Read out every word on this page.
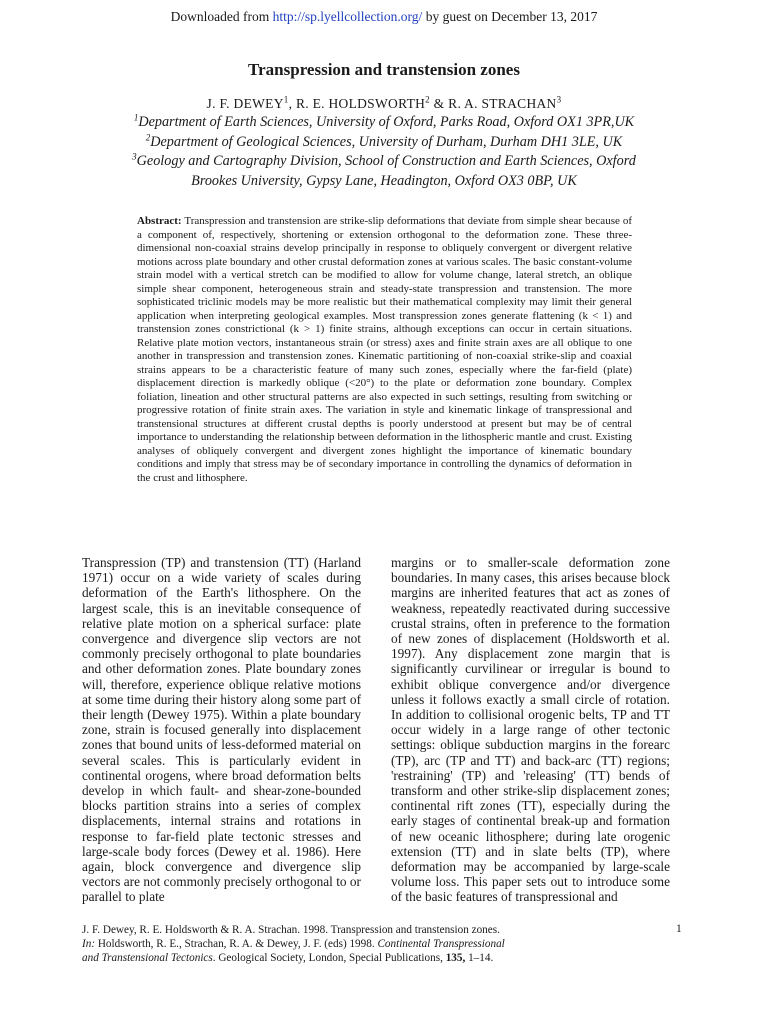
Downloaded from http://sp.lyellcollection.org/ by guest on December 13, 2017
Transpression and transtension zones
J. F. DEWEY$^1$, R. E. HOLDSWORTH$^2$ & R. A. STRACHAN$^3$
$^1$Department of Earth Sciences, University of Oxford, Parks Road, Oxford OX1 3PR,UK
$^2$Department of Geological Sciences, University of Durham, Durham DH1 3LE, UK
$^3$Geology and Cartography Division, School of Construction and Earth Sciences, Oxford
Brookes University, Gypsy Lane, Headington, Oxford OX3 0BP, UK
Abstract: Transpression and transtension are strike-slip deformations that deviate from simple shear because of a component of, respectively, shortening or extension orthogonal to the deformation zone. These three-dimensional non-coaxial strains develop principally in response to obliquely convergent or divergent relative motions across plate boundary and other crustal deformation zones at various scales. The basic constant-volume strain model with a vertical stretch can be modified to allow for volume change, lateral stretch, an oblique simple shear component, heterogeneous strain and steady-state transpression and transtension. The more sophisticated triclinic models may be more realistic but their mathematical complexity may limit their general application when interpreting geological examples. Most transpression zones generate flattening (k < 1) and transtension zones constrictional (k > 1) finite strains, although exceptions can occur in certain situations. Relative plate motion vectors, instantaneous strain (or stress) axes and finite strain axes are all oblique to one another in transpression and transtension zones. Kinematic partitioning of non-coaxial strike-slip and coaxial strains appears to be a characteristic feature of many such zones, especially where the far-field (plate) displacement direction is markedly oblique (<20°) to the plate or deformation zone boundary. Complex foliation, lineation and other structural patterns are also expected in such settings, resulting from switching or progressive rotation of finite strain axes. The variation in style and kinematic linkage of transpressional and transtensional structures at different crustal depths is poorly understood at present but may be of central importance to understanding the relationship between deformation in the lithospheric mantle and crust. Existing analyses of obliquely convergent and divergent zones highlight the importance of kinematic boundary conditions and imply that stress may be of secondary importance in controlling the dynamics of deformation in the crust and lithosphere.
Transpression (TP) and transtension (TT) (Harland 1971) occur on a wide variety of scales during deformation of the Earth's lithosphere. On the largest scale, this is an inevitable consequence of relative plate motion on a spherical surface: plate convergence and divergence slip vectors are not commonly precisely orthogonal to plate boundaries and other deformation zones. Plate boundary zones will, therefore, experience oblique relative motions at some time during their history along some part of their length (Dewey 1975). Within a plate boundary zone, strain is focused generally into displacement zones that bound units of less-deformed material on several scales. This is particularly evident in continental orogens, where broad deformation belts develop in which fault- and shear-zone-bounded blocks partition strains into a series of complex displacements, internal strains and rotations in response to far-field plate tectonic stresses and large-scale body forces (Dewey et al. 1986). Here again, block convergence and divergence slip vectors are not commonly precisely orthogonal to or parallel to plate
margins or to smaller-scale deformation zone boundaries. In many cases, this arises because block margins are inherited features that act as zones of weakness, repeatedly reactivated during successive crustal strains, often in preference to the formation of new zones of displacement (Holdsworth et al. 1997). Any displacement zone margin that is significantly curvilinear or irregular is bound to exhibit oblique convergence and/or divergence unless it follows exactly a small circle of rotation. In addition to collisional orogenic belts, TP and TT occur widely in a large range of other tectonic settings: oblique subduction margins in the forearc (TP), arc (TP and TT) and back-arc (TT) regions; 'restraining' (TP) and 'releasing' (TT) bends of transform and other strike-slip displacement zones; continental rift zones (TT), especially during the early stages of continental break-up and formation of new oceanic lithosphere; during late orogenic extension (TT) and in slate belts (TP), where deformation may be accompanied by large-scale volume loss. This paper sets out to introduce some of the basic features of transpressional and
J. F. Dewey, R. E. Holdsworth & R. A. Strachan. 1998. Transpression and transtension zones.
In: Holdsworth, R. E., Strachan, R. A. & Dewey, J. F. (eds) 1998. Continental Transpressional
and Transtensional Tectonics. Geological Society, London, Special Publications, 135, 1–14.
1
